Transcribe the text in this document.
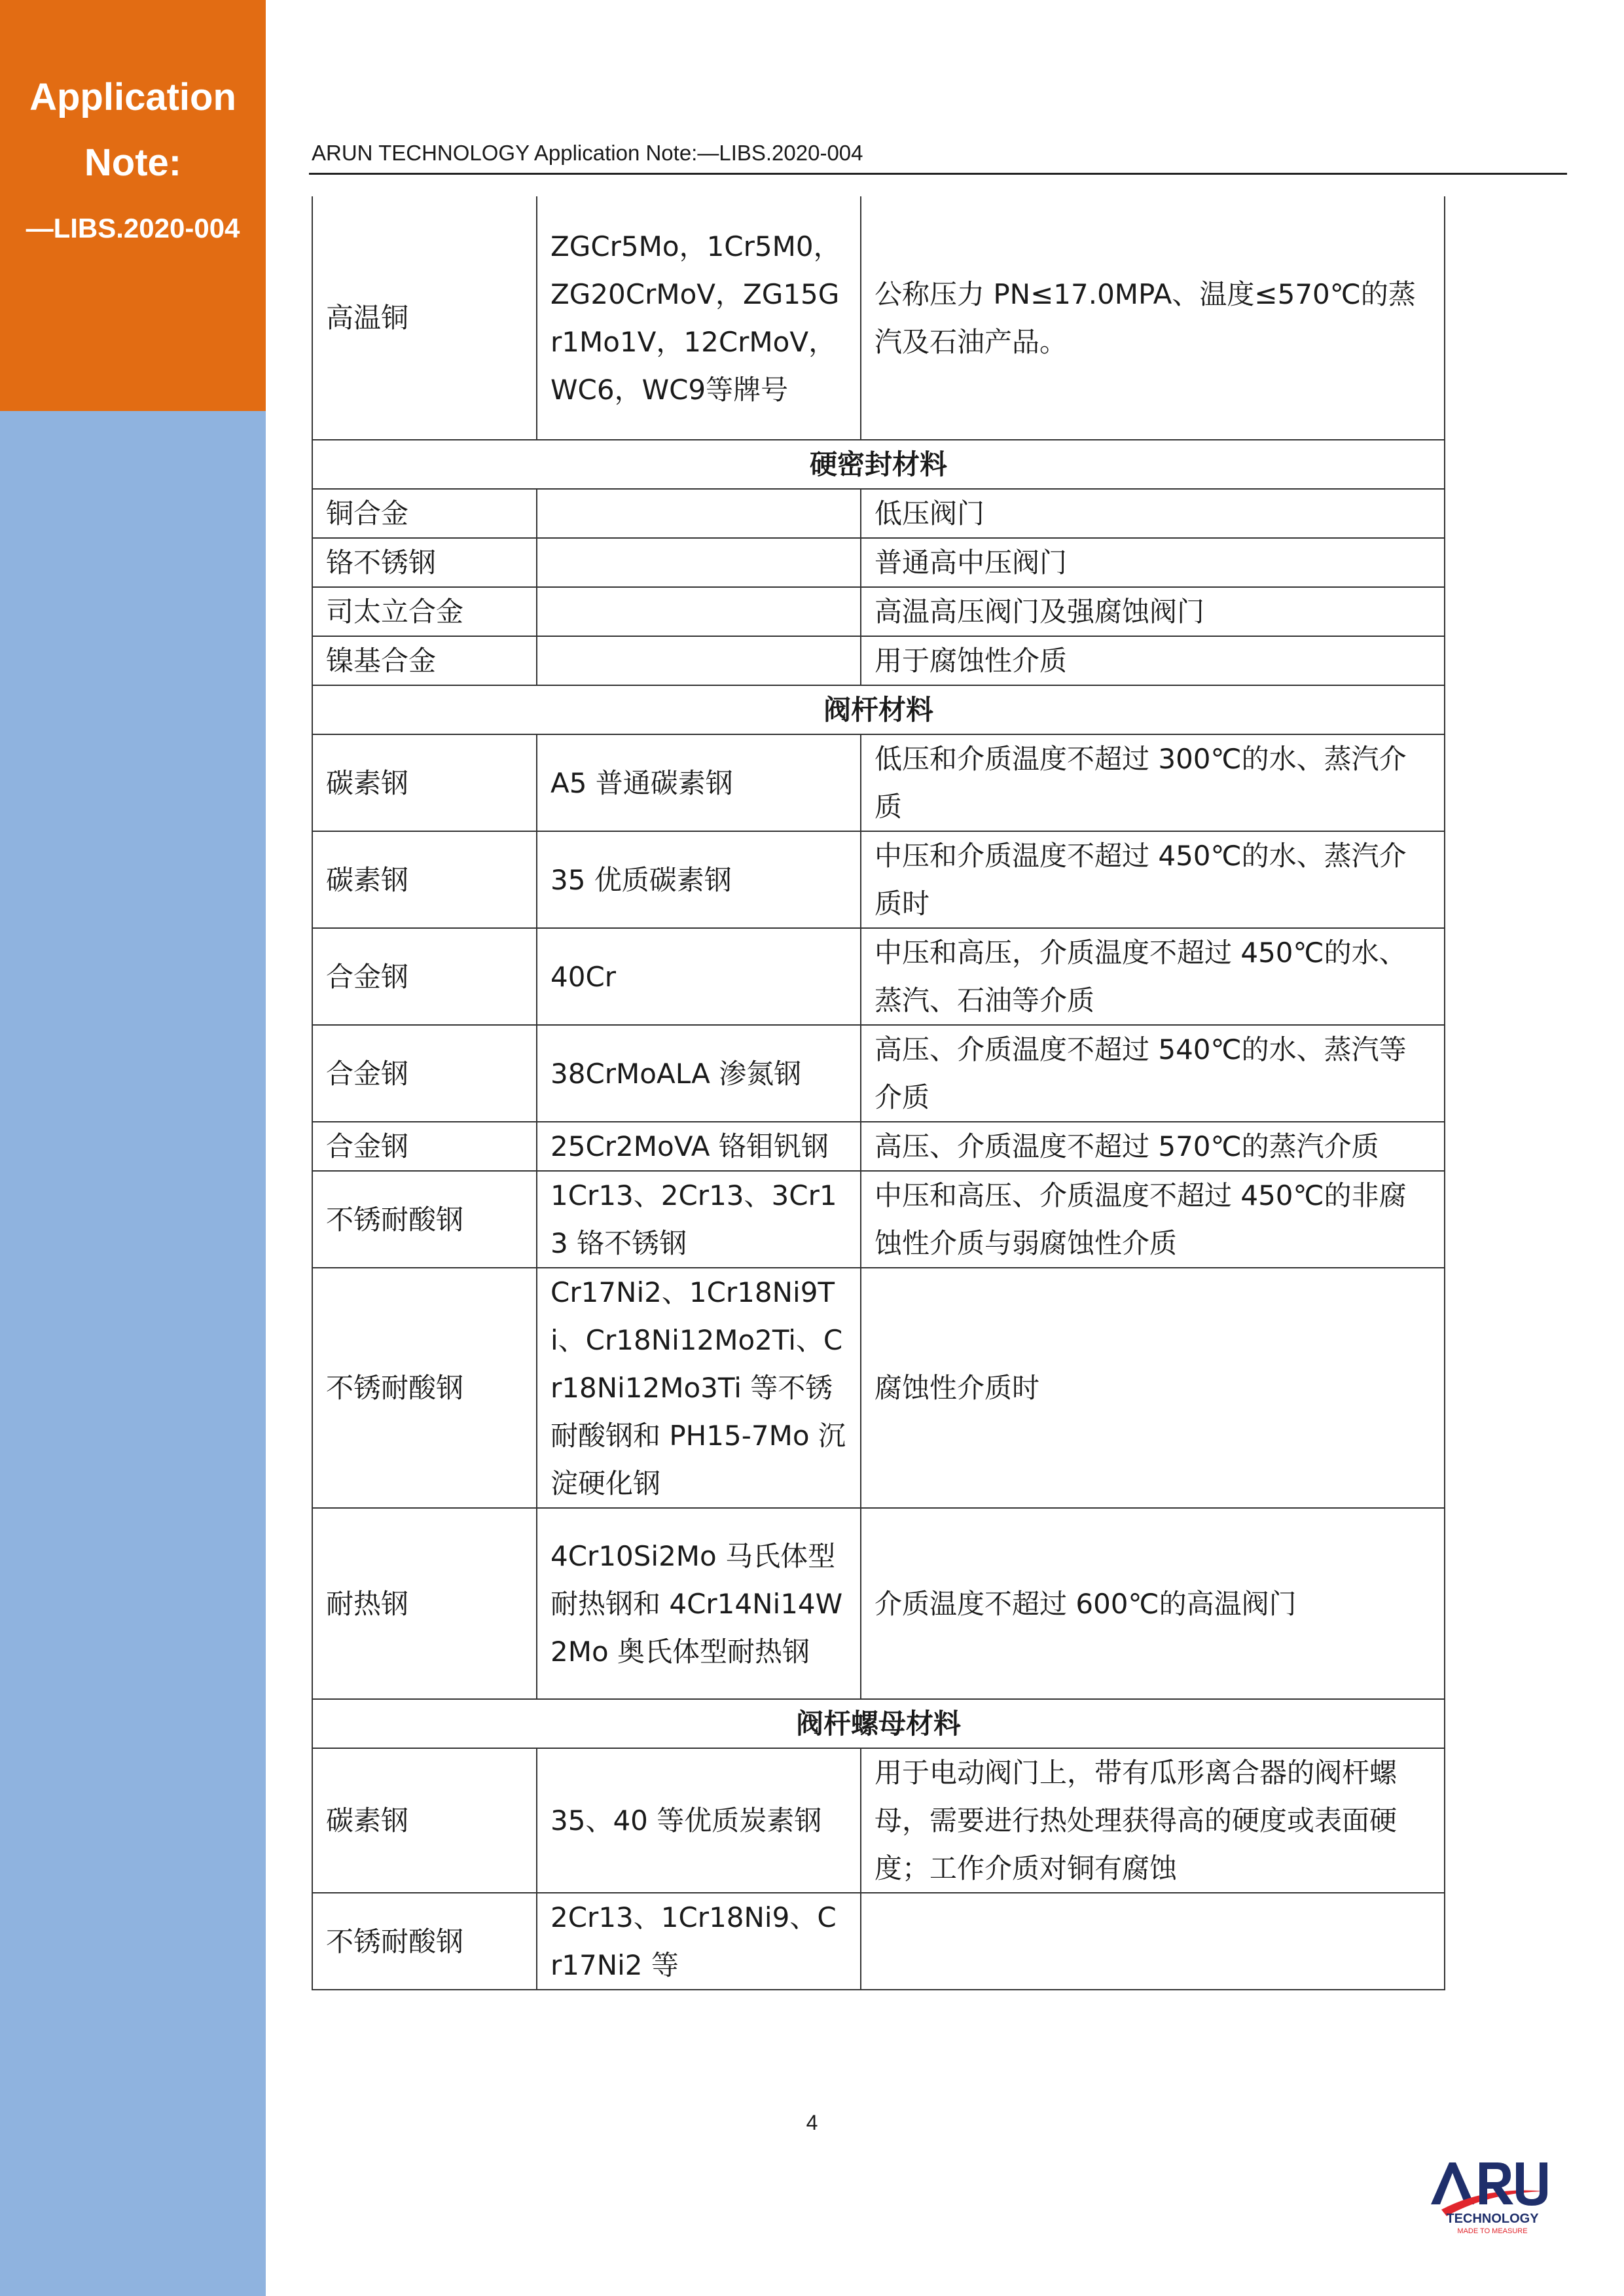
Application
Note:
—LIBS.2020-004
ARUN TECHNOLOGY Application Note:—LIBS.2020-004
高温铜	ZGCr5Mo，1Cr5M0，ZG20CrMoV，ZG15Gr1Mo1V，12CrMoV，WC6，WC9等牌号	公称压力 PN≤17.0MPA、温度≤570℃的蒸汽及石油产品。
硬密封材料		
铜合金		低压阀门
铬不锈钢		普通高中压阀门
司太立合金		高温高压阀门及强腐蚀阀门
镍基合金		用于腐蚀性介质
阀杆材料		
碳素钢	A5 普通碳素钢	低压和介质温度不超过 300℃的水、蒸汽介质
碳素钢	35 优质碳素钢	中压和介质温度不超过 450℃的水、蒸汽介质时
合金钢	40Cr	中压和高压，介质温度不超过 450℃的水、蒸汽、石油等介质
合金钢	38CrMoALA 渗氮钢	高压、介质温度不超过 540℃的水、蒸汽等介质
合金钢	25Cr2MoVA 铬钼钒钢	高压、介质温度不超过 570℃的蒸汽介质
不锈耐酸钢	1Cr13、2Cr13、3Cr13 铬不锈钢	中压和高压、介质温度不超过 450℃的非腐蚀性介质与弱腐蚀性介质
不锈耐酸钢	Cr17Ni2、1Cr18Ni9Ti、Cr18Ni12Mo2Ti、Cr18Ni12Mo3Ti 等不锈耐酸钢和 PH15-7Mo 沉淀硬化钢	腐蚀性介质时
耐热钢	4Cr10Si2Mo 马氏体型耐热钢和 4Cr14Ni14W2Mo 奥氏体型耐热钢	介质温度不超过 600℃的高温阀门
阀杆螺母材料		
碳素钢	35、40 等优质炭素钢	用于电动阀门上，带有瓜形离合器的阀杆螺母，需要进行热处理获得高的硬度或表面硬度；工作介质对铜有腐蚀
不锈耐酸钢	2Cr13、1Cr18Ni9、Cr17Ni2 等	
4
TECHNOLOGY
MADE TO MEASURE
